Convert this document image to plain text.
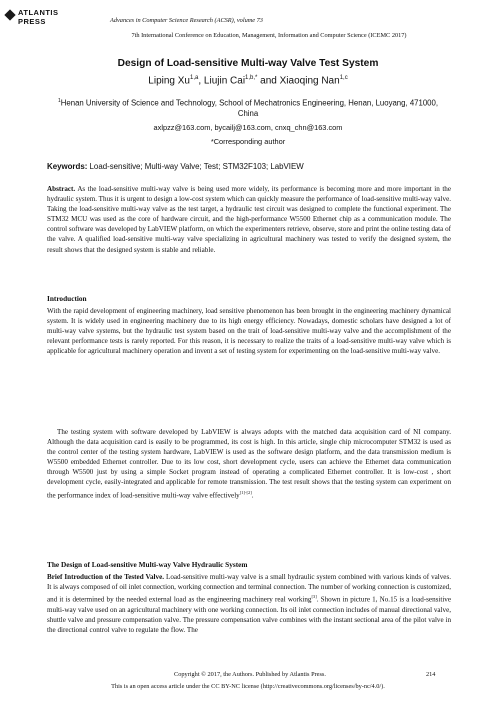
ATLANTIS
PRESS	Advances in Computer Science Research (ACSR), volume 73
7th International Conference on Education, Management, Information and Computer Science (ICEMC 2017)
Design of Load-sensitive Multi-way Valve Test System
Liping Xu$^{1,a}$, Liujin Cai$^{1,b,*}$ and Xiaoqing Nan$^{1,c}$
$^1$Henan University of Science and Technology, School of Mechatronics Engineering, Henan, Luoyang, 471000, China
axlpzz@163.com, bycailj@163.com, cnxq_chn@163.com
*Corresponding author
Keywords: Load-sensitive; Multi-way Valve; Test; STM32F103; LabVIEW
Abstract. As the load-sensitive multi-way valve is being used more widely, its performance is becoming more and more important in the hydraulic system. Thus it is urgent to design a low-cost system which can quickly measure the performance of load-sensitive multi-way valve. Taking the load-sensitive multi-way valve as the test target, a hydraulic test circuit was designed to complete the functional experiment. The STM32 MCU was used as the core of hardware circuit, and the high-performance W5500 Ethernet chip as a communication module. The control software was developed by LabVIEW platform, on which the experimenters retrieve, observe, store and print the online testing data of the valve. A qualified load-sensitive multi-way valve specializing in agricultural machinery was tested to verify the designed system, the result shows that the designed system is stable and reliable.
Introduction
With the rapid development of engineering machinery, load sensitive phenomenon has been brought in the engineering machinery dynamical system. It is widely used in engineering machinery due to its high energy efficiency. Nowadays, domestic scholars have designed a lot of multi-way valve systems, but the hydraulic test system based on the trait of load-sensitive multi-way valve and the accomplishment of the relevant performance tests is rarely reported. For this reason, it is necessary to realize the traits of a load-sensitive multi-way valve which is applicable for agricultural machinery operation and invent a set of testing system for experimenting on the load-sensitive multi-way valve.
The testing system with software developed by LabVIEW is always adopts with the matched data acquisition card of NI company. Although the data acquisition card is easily to be programmed, its cost is high. In this article, single chip microcomputer STM32 is used as the control center of the testing system hardware, LabVIEW is used as the software design platform, and the data transmission medium is W5500 embedded Ethernet controller. Due to its low cost, short development cycle, users can achieve the Ethernet data communication through W5500 just by using a simple Socket program instead of operating a complicated Ethernet controller. It is low-cost , short development cycle, easily-integrated and applicable for remote transmission. The test result shows that the testing system can experiment on the performance index of load-sensitive multi-way valve effectively[1]-[2].
The Design of Load-sensitive Multi-way Valve Hydraulic System
Brief Introduction of the Tested Valve. Load-sensitive multi-way valve is a small hydraulic system combined with various kinds of valves. It is always composed of oil inlet connection, working connection and terminal connection. The number of working connection is customized, and it is determined by the needed external load as the engineering machinery real working[3]. Shown in picture 1, No.15 is a load-sensitive multi-way valve used on an agricultural machinery with one working connection. Its oil inlet connection includes of manual directional valve, shuttle valve and pressure compensation valve. The pressure compensation valve combines with the instant sectional area of the pilot valve in the directional control valve to regulate the flow. The
Copyright © 2017, the Authors. Published by Atlantis Press.	214
This is an open access article under the CC BY-NC license (http://creativecommons.org/licenses/by-nc/4.0/).
